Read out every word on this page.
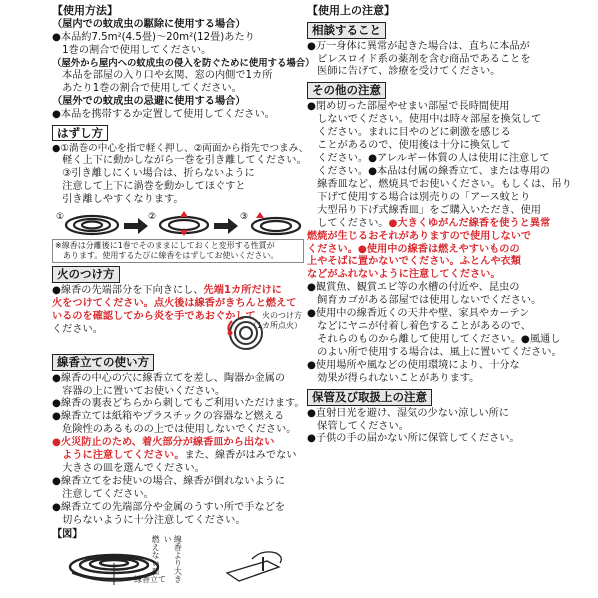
【使用方法】
（屋内での蚊成虫の駆除に使用する場合）
●本品約7.5m²(4.5畳)〜20m²(12畳)あたり
　1巻の割合で使用してください。
（屋外から屋内への蚊成虫の侵入を防ぐために使用する場合）
　本品を部屋の入り口や玄関、窓の内側で1カ所
　あたり1巻の割合で使用してください。
（屋外での蚊成虫の忌避に使用する場合）
●本品を携帯するか定置して使用してください。
はずし方
●①渦巻の中心を指で軽く押し、②両面から指先でつまみ、
　軽く上下に動かしながら一巻を引き離してください。
　③引き離しにくい場合は、折らないように
　注意して上下に渦巻を動かしてほぐすと
　引き離しやすくなります。
①	②	③
※線香は分離後に1巻でそのままにしておくと変形する性質が
　あります。使用するたびに線香をはずしてお使いください。
火のつけ方
●線香の先端部分を下向きにし、先端1カ所だけに
火をつけてください。点火後は線香がきちんと燃えて
いるのを確認してから炎を手であおぐかして
ください。
火のつけ方
（1カ所点火）
線香立ての使い方
●線香の中心の穴に線香立てを差し、陶器か金属の
　容器の上に置いてお使いください。
●線香の裏表どちらから刺してもご利用いただけます。
●線香立ては紙箱やプラスチックの容器など燃える
　危険性のあるものの上では使用しないでください。
●火災防止のため、着火部分が線香皿から出ない
　ように注意してください。また、線香がはみでない
　大きさの皿を選んでください。
●線香立てをお使いの場合、線香が倒れないように
　注意してください。
●線香立ての先端部分や金属のうすい所で手などを
　切らないように十分注意してください。
【図】
線香立て
燃えない皿	線香より大きい
【使用上の注意】
相談すること
●万一身体に異常が起きた場合は、直ちに本品が
　ピレスロイド系の薬剤を含む商品であることを
　医師に告げて、診療を受けてください。
その他の注意
●閉め切った部屋やせまい部屋で長時間使用
　しないでください。使用中は時々部屋を換気して
　ください。まれに目やのどに刺激を感じる
　ことがあるので、使用後は十分に換気して
　ください。●アレルギー体質の人は使用に注意して
　ください。●本品は付属の線香立て、または専用の
　線香皿など、燃焼具でお使いください。もしくは、吊り
　下げて使用する場合は別売りの「アース蚊とり
　大型吊り下げ式線香皿」をご購入いただき、使用
　してください。●大きくゆがんだ線香を使うと異常
燃焼が生じるおそれがありますので使用しないで
ください。●使用中の線香は燃えやすいものの
上やそばに置かないでください。ふとんや衣類
などがふれないように注意してください。
●観賞魚、観賞エビ等の水槽の付近や、昆虫の
　飼育カゴがある部屋では使用しないでください。
●使用中の線香近くの天井や壁、家具やカーテン
　などにヤニが付着し着色することがあるので、
　それらのものから離して使用してください。●風通し
　のよい所で使用する場合は、風上に置いてください。
●使用場所や風などの使用環境により、十分な
　効果が得られないことがあります。
保管及び取扱上の注意
●直射日光を避け、湿気の少ない涼しい所に
　保管してください。
●子供の手の届かない所に保管してください。
